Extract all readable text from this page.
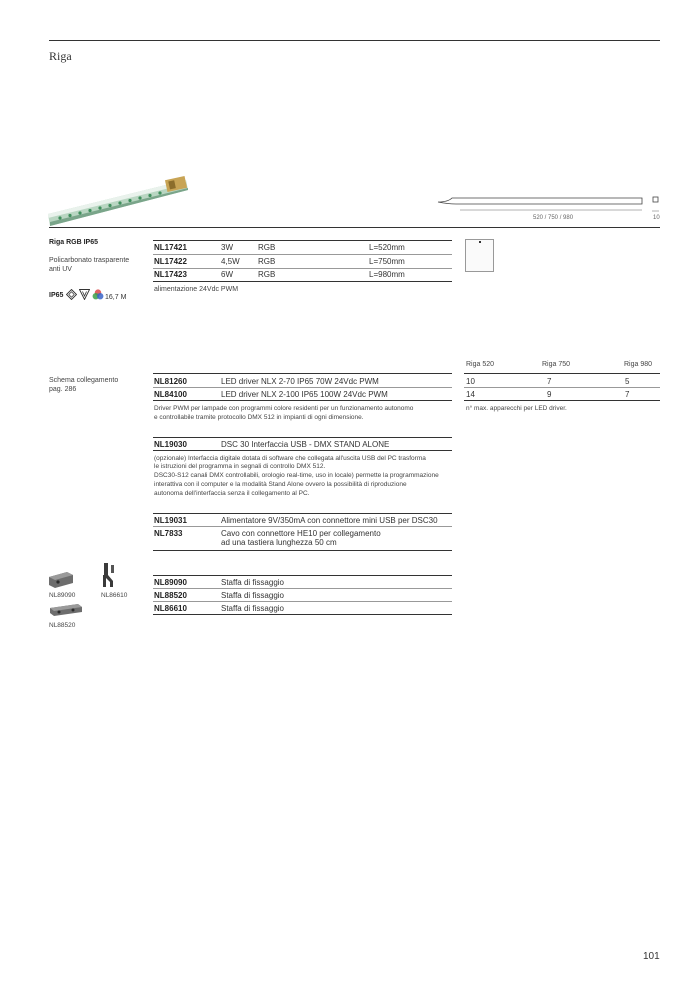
Riga
520 / 750 / 980	10
Riga RGB IP65
Policarbonato trasparente
anti UV
IP65	16,7 M
NL17421	3W	RGB	L=520mm
NL17422	4,5W RGB	L=750mm
NL17423	6W	RGB	L=980mm
alimentazione 24Vdc PWM
Schema collegamento
pag. 286
NL81260	LED driver NLX 2-70 IP65 70W 24Vdc PWM
NL84100	LED driver NLX 2-100 IP65 100W 24Vdc PWM
Driver PWM per lampade con programmi colore residenti per un funzionamento autonomo
e controllabile tramite protocollo DMX 512 in impianti di ogni dimensione.
Riga 520	Riga 750	Riga 980
10	7	5
14	9	7
n° max. apparecchi per LED driver.
NL19030	DSC 30 Interfaccia USB - DMX STAND ALONE
(opzionale) Interfaccia digitale dotata di software che collegata all'uscita USB del PC trasforma
le istruzioni del programma in segnali di controllo DMX 512.
DSC30-S12 canali DMX controllabili, orologio real-time, uso in locale) permette la programmazione
interattiva con il computer e la modalità Stand Alone ovvero la possibilità di riproduzione
autonoma dell'interfaccia senza il collegamento al PC.
NL19031	Alimentatore 9V/350mA con connettore mini USB per DSC30
NL7833	Cavo con connettore HE10 per collegamento
ad una tastiera lunghezza 50 cm
NL89090	NL86610
NL88520
NL89090	Staffa di fissaggio
NL88520	Staffa di fissaggio
NL86610	Staffa di fissaggio
101
